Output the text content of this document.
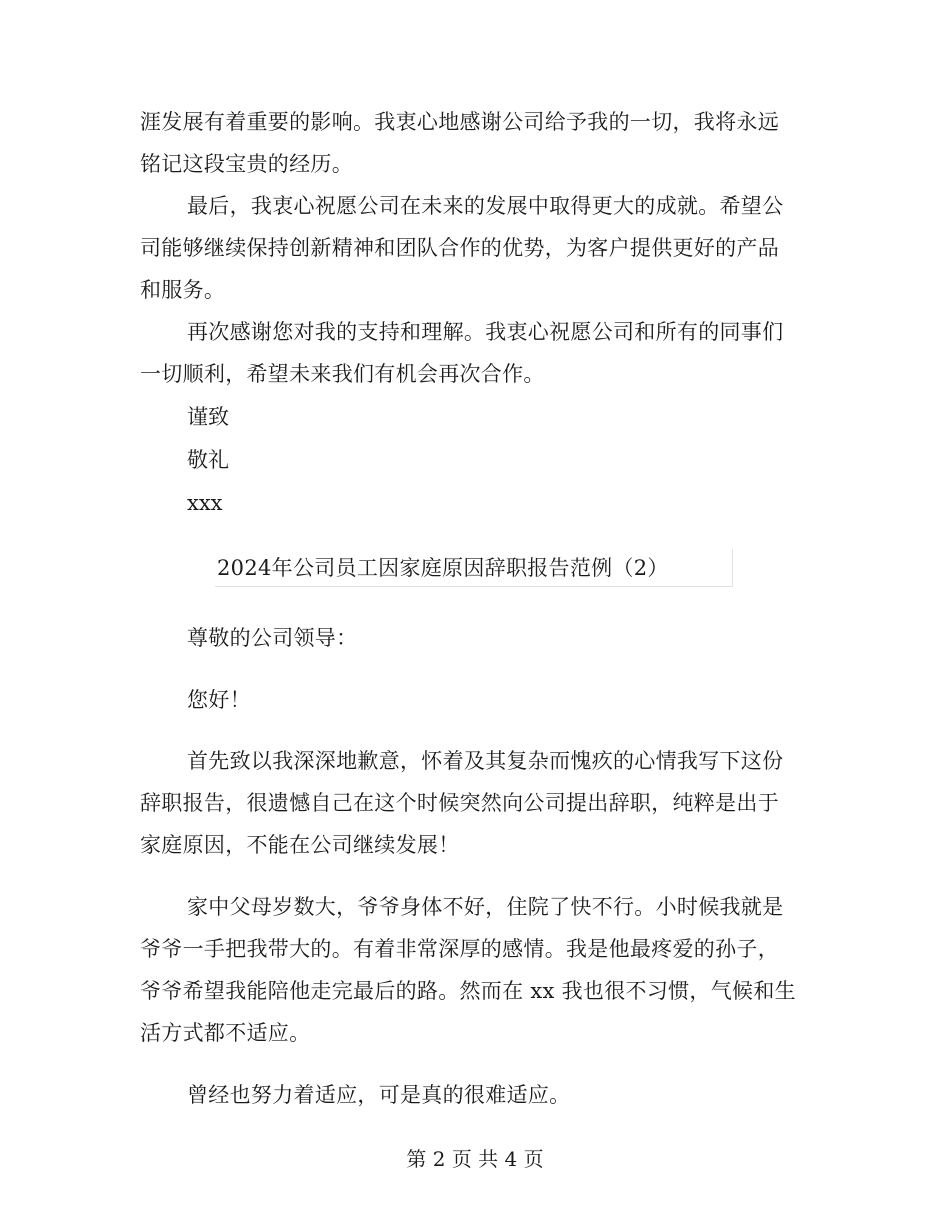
涯发展有着重要的影响。我衷心地感谢公司给予我的一切，我将永远
铭记这段宝贵的经历。
最后，我衷心祝愿公司在未来的发展中取得更大的成就。希望公
司能够继续保持创新精神和团队合作的优势，为客户提供更好的产品
和服务。
再次感谢您对我的支持和理解。我衷心祝愿公司和所有的同事们
一切顺利，希望未来我们有机会再次合作。
谨致
敬礼
xxx
2024年公司员工因家庭原因辞职报告范例（2）
尊敬的公司领导：
您好！
首先致以我深深地歉意，怀着及其复杂而愧疚的心情我写下这份
辞职报告，很遗憾自己在这个时候突然向公司提出辞职，纯粹是出于
家庭原因，不能在公司继续发展！
家中父母岁数大，爷爷身体不好，住院了快不行。小时候我就是
爷爷一手把我带大的。有着非常深厚的感情。我是他最疼爱的孙子，
爷爷希望我能陪他走完最后的路。然而在 xx 我也很不习惯，气候和生
活方式都不适应。
曾经也努力着适应，可是真的很难适应。
第 2 页 共 4 页
